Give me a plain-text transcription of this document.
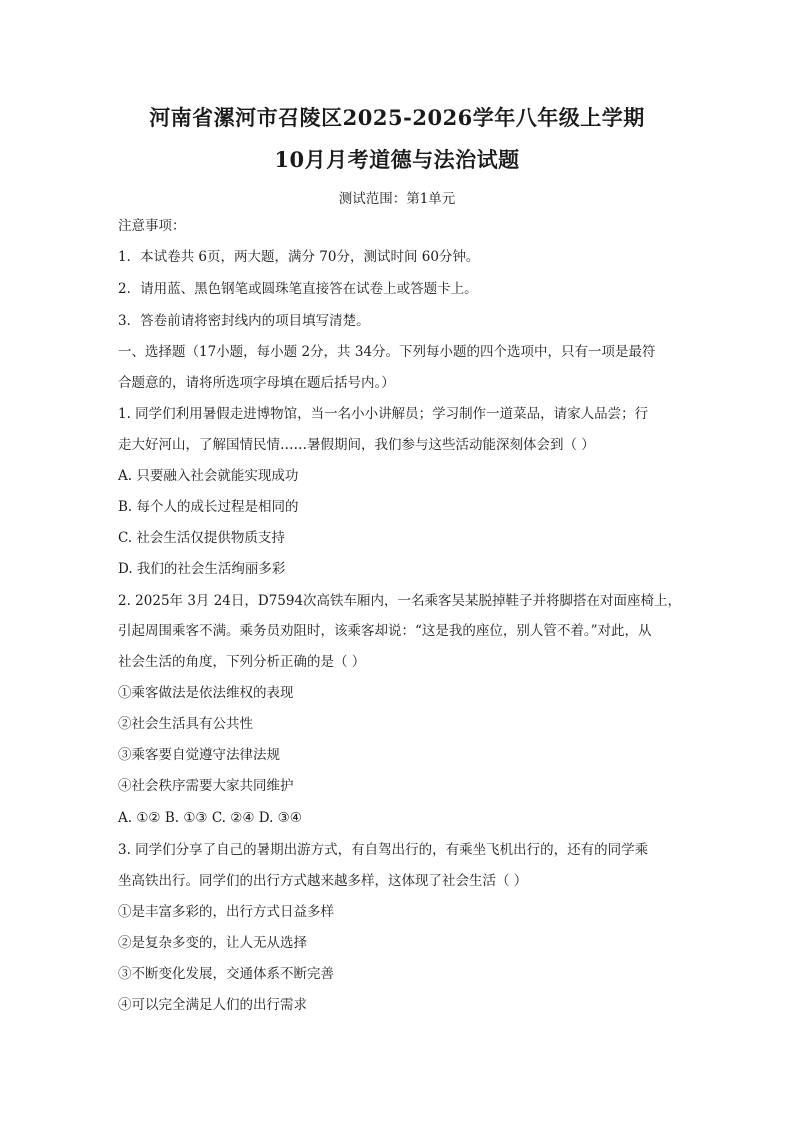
河南省漯河市召陵区2025-2026学年八年级上学期
10月月考道德与法治试题
测试范围：第1单元
注意事项：
1．本试卷共 6页，两大题，满分 70分，测试时间 60分钟。
2．请用蓝、黑色钢笔或圆珠笔直接答在试卷上或答题卡上。
3．答卷前请将密封线内的项目填写清楚。
一、选择题（17小题，每小题 2分，共 34分。下列每小题的四个选项中，只有一项是最符
合题意的，请将所选项字母填在题后括号内。）
1. 同学们利用暑假走进博物馆，当一名小小讲解员；学习制作一道菜品，请家人品尝；行
走大好河山，了解国情民情……暑假期间，我们参与这些活动能深刻体会到（ ）
A. 只要融入社会就能实现成功
B. 每个人的成长过程是相同的
C. 社会生活仅提供物质支持
D. 我们的社会生活绚丽多彩
2. 2025年 3月 24日，D7594次高铁车厢内，一名乘客吴某脱掉鞋子并将脚搭在对面座椅上，
引起周围乘客不满。乘务员劝阻时，该乘客却说：“这是我的座位，别人管不着。”对此，从
社会生活的角度，下列分析正确的是（ ）
①乘客做法是依法维权的表现
②社会生活具有公共性
③乘客要自觉遵守法律法规
④社会秩序需要大家共同维护
A. ①② B. ①③ C. ②④ D. ③④
3. 同学们分享了自己的暑期出游方式，有自驾出行的，有乘坐飞机出行的，还有的同学乘
坐高铁出行。同学们的出行方式越来越多样，这体现了社会生活（ ）
①是丰富多彩的，出行方式日益多样
②是复杂多变的，让人无从选择
③不断变化发展，交通体系不断完善
④可以完全满足人们的出行需求
